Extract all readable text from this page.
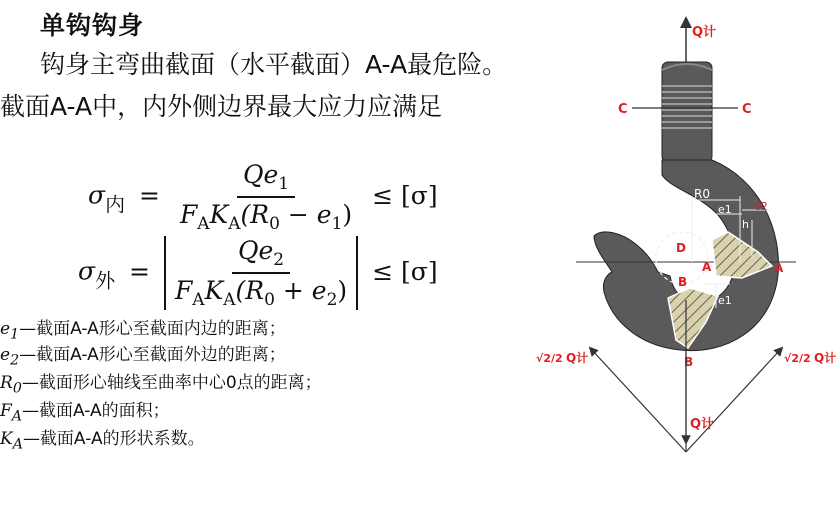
单钩钩身
钩身主弯曲截面（水平截面）A-A最危险。截面A-A中，内外侧边界最大应力应满足
$\sigma_内 = \frac{Qe_1}{F_AK_A(R_0 - e_1)} \le [\sigma]$
$\sigma_外 = \frac{Qe_2}{F_AK_A(R_0 + e_2)} \le [\sigma]$
$e_1—$截面A-A形心至截面内边的距离；
$e_2—$截面A-A形心至截面外边的距离；
$R_0—$截面形心轴线至曲率中心0点的距离；
$F_A—$截面A-A的面积；
$K_A—$截面A-A的形状系数。
Q计
C	C
R0
e1 e2
h
e1
D
A	A
B
B
√2/2 Q计	√2/2 Q计
Q计
